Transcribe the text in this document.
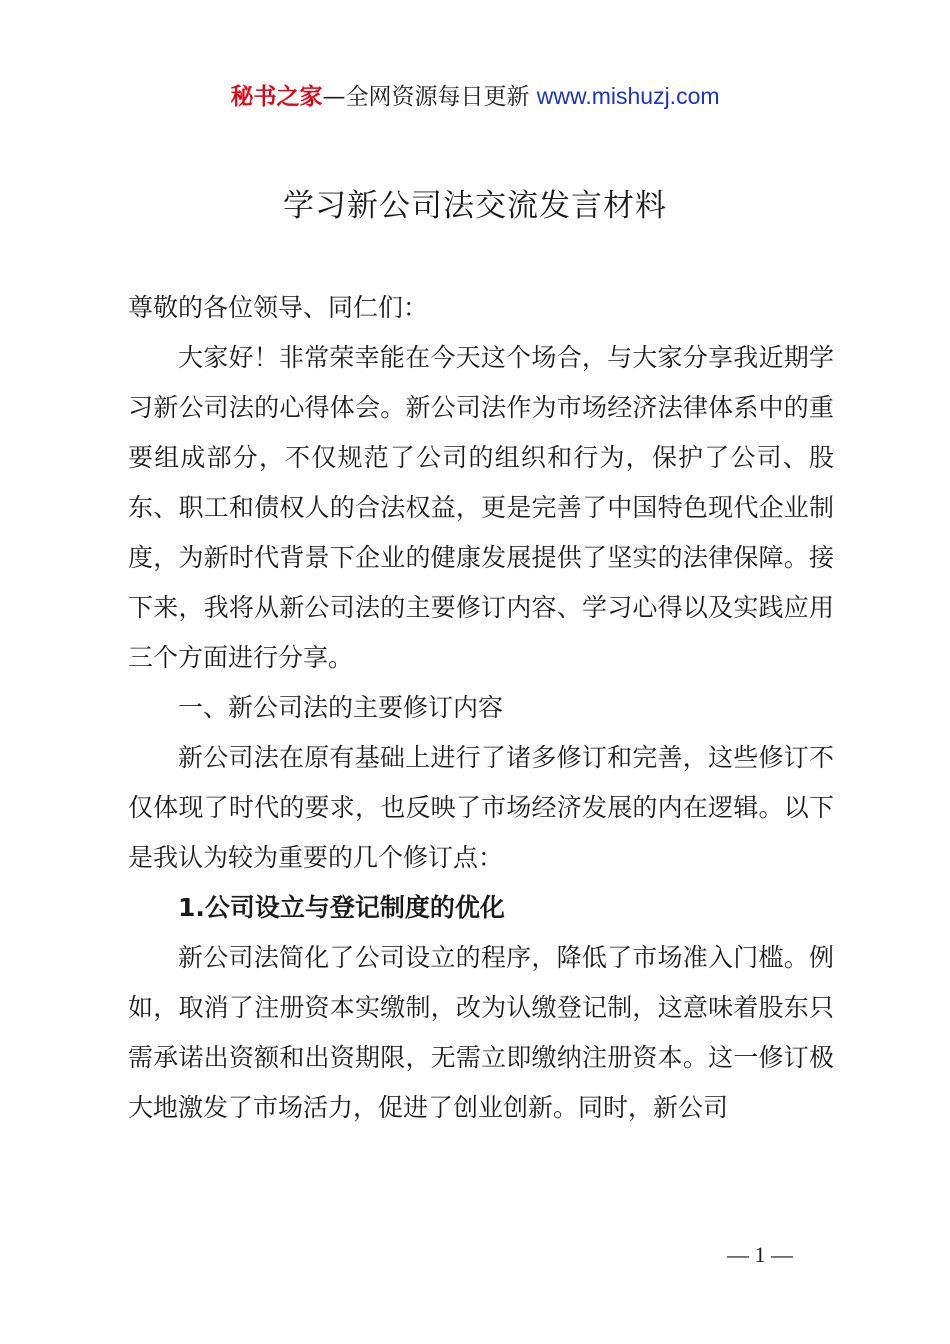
秘书之家—全网资源每日更新 www.mishuzj.com
学习新公司法交流发言材料

尊敬的各位领导、同仁们：

大家好！非常荣幸能在今天这个场合，与大家分享我近期学习新公司法的心得体会。新公司法作为市场经济法律体系中的重要组成部分，不仅规范了公司的组织和行为，保护了公司、股东、职工和债权人的合法权益，更是完善了中国特色现代企业制度，为新时代背景下企业的健康发展提供了坚实的法律保障。接下来，我将从新公司法的主要修订内容、学习心得以及实践应用三个方面进行分享。

一、新公司法的主要修订内容

新公司法在原有基础上进行了诸多修订和完善，这些修订不仅体现了时代的要求，也反映了市场经济发展的内在逻辑。以下是我认为较为重要的几个修订点：

1.公司设立与登记制度的优化

新公司法简化了公司设立的程序，降低了市场准入门槛。例如，取消了注册资本实缴制，改为认缴登记制，这意味着股东只需承诺出资额和出资期限，无需立即缴纳注册资本。这一修订极大地激发了市场活力，促进了创业创新。同时，新公司

— 1 —
